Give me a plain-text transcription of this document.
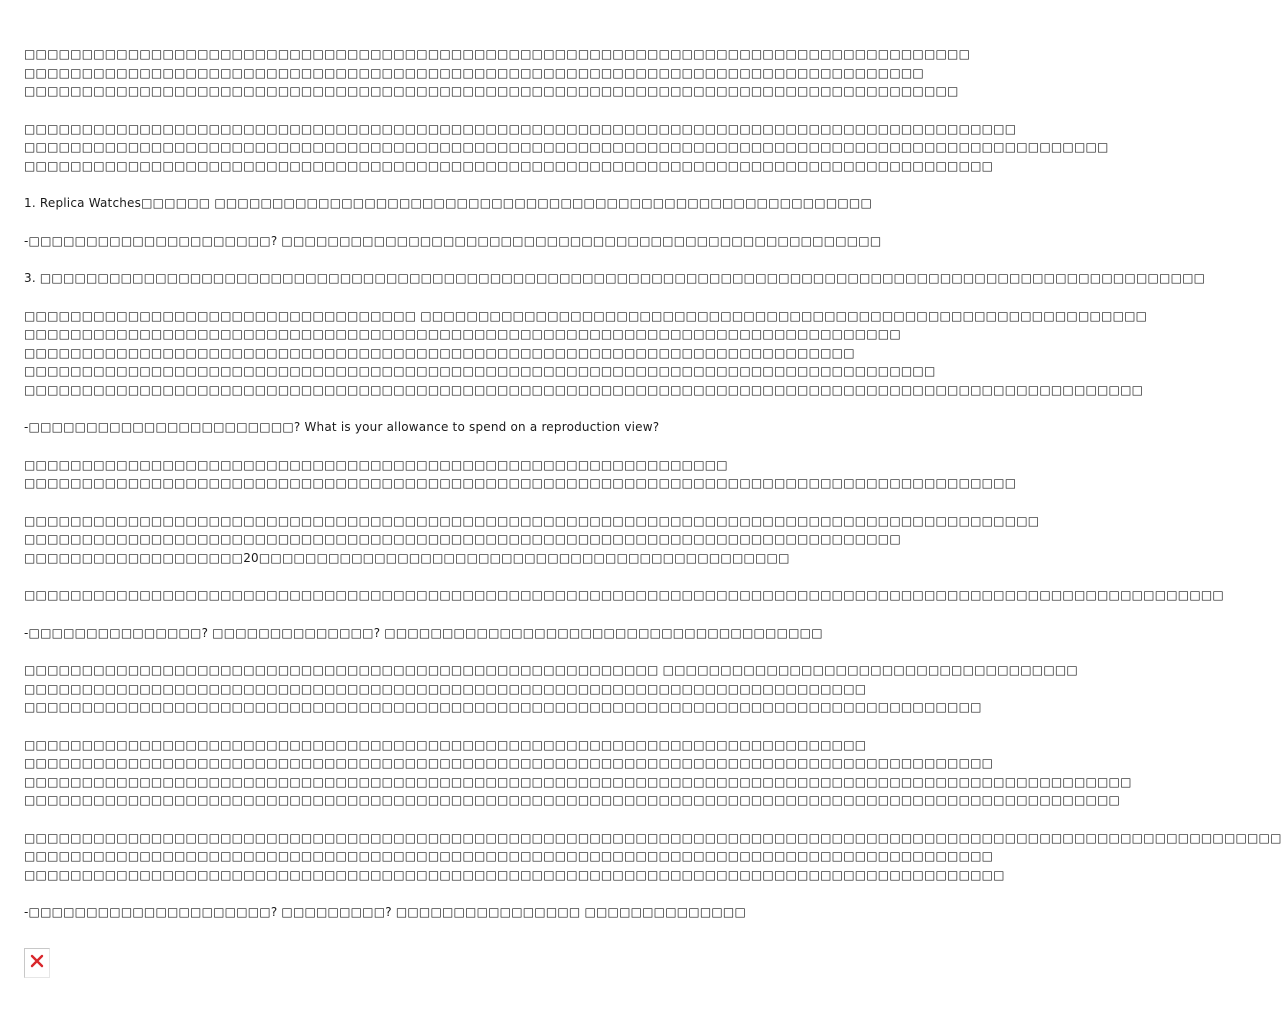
□□□□□□□□□□□□□□□□□□□□□□□□□□□□□□□□□□□□□□□□□□□□□□□□□□□□□□□□□□□□□□□□□□□□□□□□□□□□□□□□□□
□□□□□□□□□□□□□□□□□□□□□□□□□□□□□□□□□□□□□□□□□□□□□□□□□□□□□□□□□□□□□□□□□□□□□□□□□□□□□□
□□□□□□□□□□□□□□□□□□□□□□□□□□□□□□□□□□□□□□□□□□□□□□□□□□□□□□□□□□□□□□□□□□□□□□□□□□□□□□□□□
□□□□□□□□□□□□□□□□□□□□□□□□□□□□□□□□□□□□□□□□□□□□□□□□□□□□□□□□□□□□□□□□□□□□□□□□□□□□□□□□□□□□□□
□□□□□□□□□□□□□□□□□□□□□□□□□□□□□□□□□□□□□□□□□□□□□□□□□□□□□□□□□□□□□□□□□□□□□□□□□□□□□□□□□□□□□□□□□□□□□□
□□□□□□□□□□□□□□□□□□□□□□□□□□□□□□□□□□□□□□□□□□□□□□□□□□□□□□□□□□□□□□□□□□□□□□□□□□□□□□□□□□□□
1. Replica Watches□□□□□□ □□□□□□□□□□□□□□□□□□□□□□□□□□□□□□□□□□□□□□□□□□□□□□□□□□□□□□□□□
-□□□□□□□□□□□□□□□□□□□□□? □□□□□□□□□□□□□□□□□□□□□□□□□□□□□□□□□□□□□□□□□□□□□□□□□□□□
3. □□□□□□□□□□□□□□□□□□□□□□□□□□□□□□□□□□□□□□□□□□□□□□□□□□□□□□□□□□□□□□□□□□□□□□□□□□□□□□□□□□□□□□□□□□□□□□□□□□□□□
□□□□□□□□□□□□□□□□□□□□□□□□□□□□□□□□□□ □□□□□□□□□□□□□□□□□□□□□□□□□□□□□□□□□□□□□□□□□□□□□□□□□□□□□□□□□□□□□□□
□□□□□□□□□□□□□□□□□□□□□□□□□□□□□□□□□□□□□□□□□□□□□□□□□□□□□□□□□□□□□□□□□□□□□□□□□□□□
□□□□□□□□□□□□□□□□□□□□□□□□□□□□□□□□□□□□□□□□□□□□□□□□□□□□□□□□□□□□□□□□□□□□□□□□
□□□□□□□□□□□□□□□□□□□□□□□□□□□□□□□□□□□□□□□□□□□□□□□□□□□□□□□□□□□□□□□□□□□□□□□□□□□□□□□
□□□□□□□□□□□□□□□□□□□□□□□□□□□□□□□□□□□□□□□□□□□□□□□□□□□□□□□□□□□□□□□□□□□□□□□□□□□□□□□□□□□□□□□□□□□□□□□□□
-□□□□□□□□□□□□□□□□□□□□□□□? What is your allowance to spend on a reproduction view?
□□□□□□□□□□□□□□□□□□□□□□□□□□□□□□□□□□□□□□□□□□□□□□□□□□□□□□□□□□□□□
□□□□□□□□□□□□□□□□□□□□□□□□□□□□□□□□□□□□□□□□□□□□□□□□□□□□□□□□□□□□□□□□□□□□□□□□□□□□□□□□□□□□□□
□□□□□□□□□□□□□□□□□□□□□□□□□□□□□□□□□□□□□□□□□□□□□□□□□□□□□□□□□□□□□□□□□□□□□□□□□□□□□□□□□□□□□□□□
□□□□□□□□□□□□□□□□□□□□□□□□□□□□□□□□□□□□□□□□□□□□□□□□□□□□□□□□□□□□□□□□□□□□□□□□□□□□
□□□□□□□□□□□□□□□□□□□20□□□□□□□□□□□□□□□□□□□□□□□□□□□□□□□□□□□□□□□□□□□□□□
□□□□□□□□□□□□□□□□□□□□□□□□□□□□□□□□□□□□□□□□□□□□□□□□□□□□□□□□□□□□□□□□□□□□□□□□□□□□□□□□□□□□□□□□□□□□□□□□□□□□□□□□
-□□□□□□□□□□□□□□□? □□□□□□□□□□□□□□? □□□□□□□□□□□□□□□□□□□□□□□□□□□□□□□□□□□□□□
□□□□□□□□□□□□□□□□□□□□□□□□□□□□□□□□□□□□□□□□□□□□□□□□□□□□□□□ □□□□□□□□□□□□□□□□□□□□□□□□□□□□□□□□□□□□
□□□□□□□□□□□□□□□□□□□□□□□□□□□□□□□□□□□□□□□□□□□□□□□□□□□□□□□□□□□□□□□□□□□□□□□□□
□□□□□□□□□□□□□□□□□□□□□□□□□□□□□□□□□□□□□□□□□□□□□□□□□□□□□□□□□□□□□□□□□□□□□□□□□□□□□□□□□□□
□□□□□□□□□□□□□□□□□□□□□□□□□□□□□□□□□□□□□□□□□□□□□□□□□□□□□□□□□□□□□□□□□□□□□□□□□
□□□□□□□□□□□□□□□□□□□□□□□□□□□□□□□□□□□□□□□□□□□□□□□□□□□□□□□□□□□□□□□□□□□□□□□□□□□□□□□□□□□□
□□□□□□□□□□□□□□□□□□□□□□□□□□□□□□□□□□□□□□□□□□□□□□□□□□□□□□□□□□□□□□□□□□□□□□□□□□□□□□□□□□□□□□□□□□□□□□□□
□□□□□□□□□□□□□□□□□□□□□□□□□□□□□□□□□□□□□□□□□□□□□□□□□□□□□□□□□□□□□□□□□□□□□□□□□□□□□□□□□□□□□□□□□□□□□□□
□□□□□□□□□□□□□□□□□□□□□□□□□□□□□□□□□□□□□□□□□□□□□□□□□□□□□□□□□□□□□□□□□□□□□□□□□□□□□□□□□□□□□□□□□□□□□□□□□□□□□□□□□□□□□
□□□□□□□□□□□□□□□□□□□□□□□□□□□□□□□□□□□□□□□□□□□□□□□□□□□□□□□□□□□□□□□□□□□□□□□□□□□□□□□□□□□□
□□□□□□□□□□□□□□□□□□□□□□□□□□□□□□□□□□□□□□□□□□□□□□□□□□□□□□□□□□□□□□□□□□□□□□□□□□□□□□□□□□□□□
-□□□□□□□□□□□□□□□□□□□□□? □□□□□□□□□? □□□□□□□□□□□□□□□□ □□□□□□□□□□□□□□
